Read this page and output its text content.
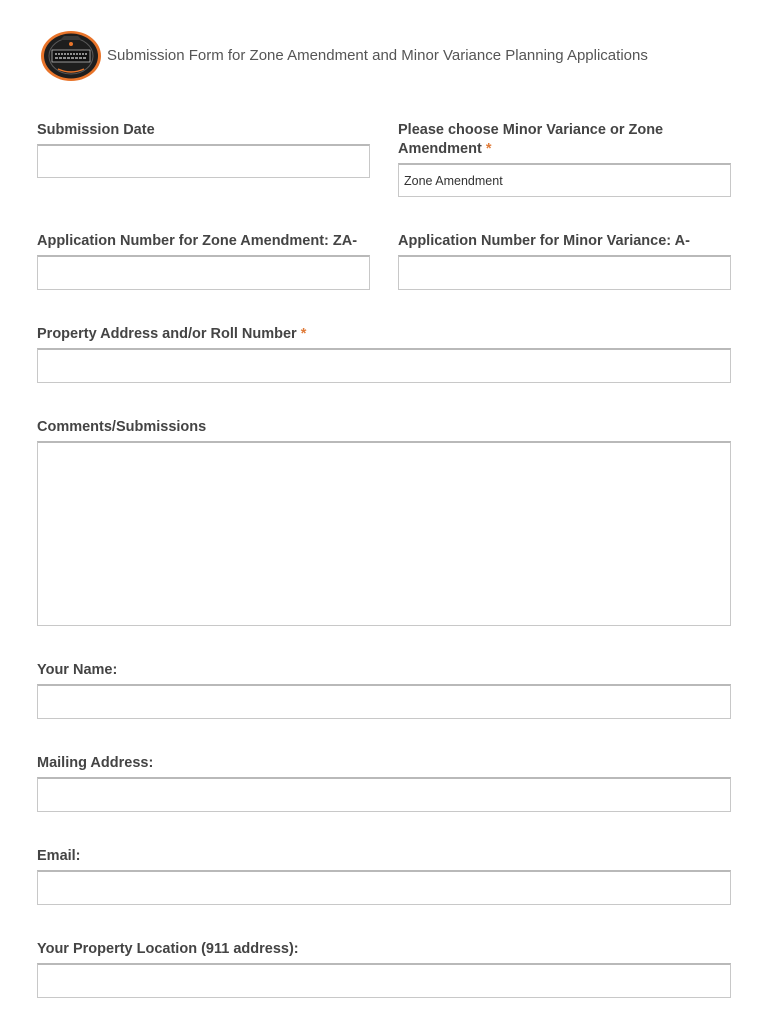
Submission Form for Zone Amendment and Minor Variance Planning Applications
Submission Date	Please choose Minor Variance or Zone Amendment *
Zone Amendment
Application Number for Zone Amendment: ZA-	Application Number for Minor Variance: A-
Property Address and/or Roll Number *
Comments/Submissions
Your Name:
Mailing Address:
Email:
Your Property Location (911 address):
